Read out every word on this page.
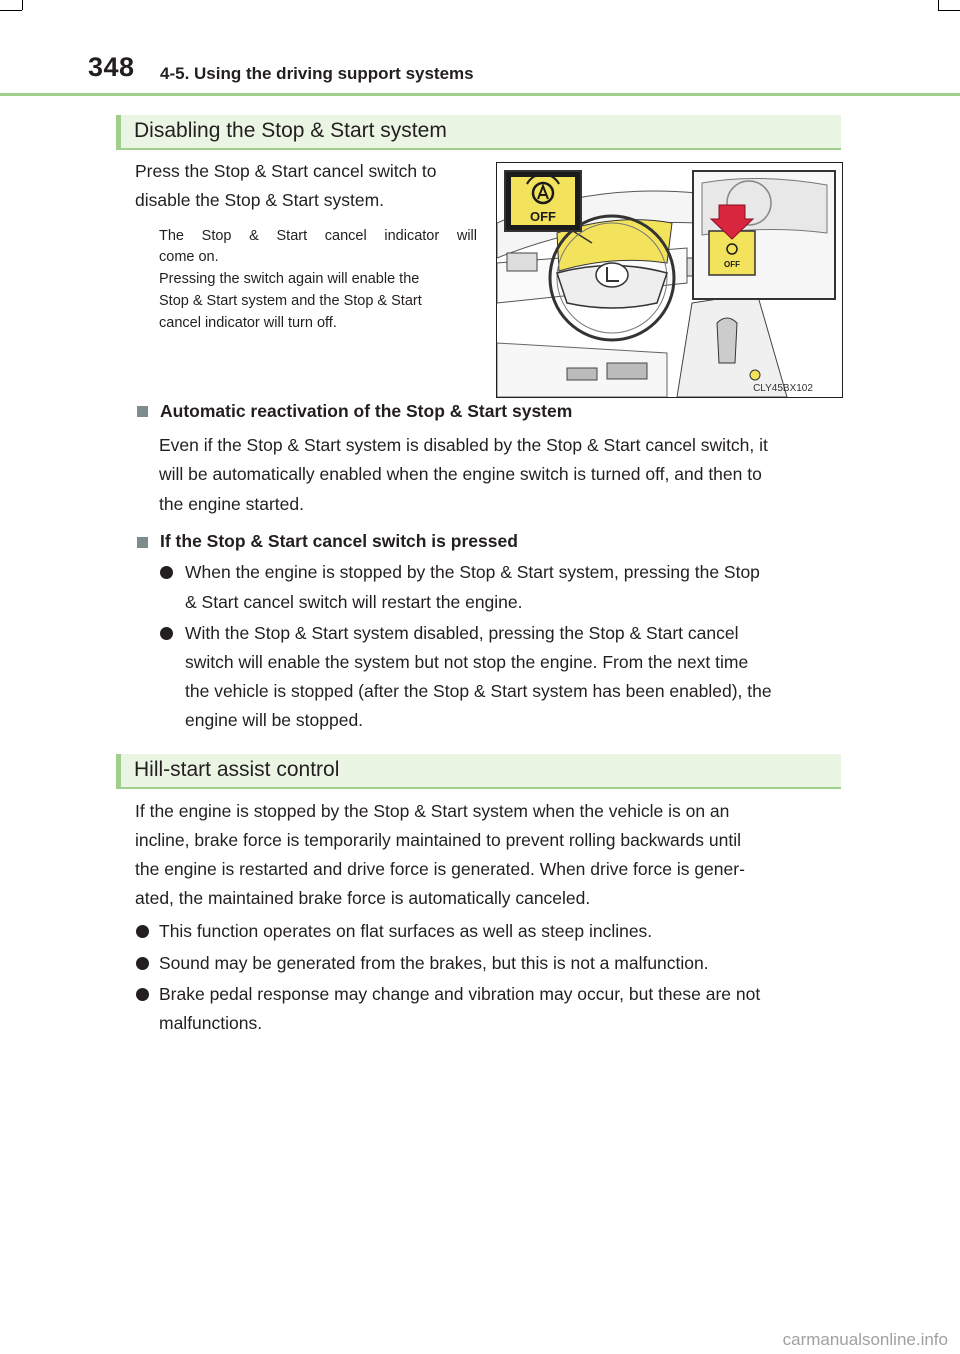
348 4-5. Using the driving support systems
Disabling the Stop & Start system
Press the Stop & Start cancel switch to
disable the Stop & Start system.
The Stop & Start cancel indicator will
come on.
Pressing the switch again will enable the
Stop & Start system and the Stop & Start
cancel indicator will turn off.
OFF
OFF
CLY45BX102
Automatic reactivation of the Stop & Start system
Even if the Stop & Start system is disabled by the Stop & Start cancel switch, it
will be automatically enabled when the engine switch is turned off, and then to
the engine started.
If the Stop & Start cancel switch is pressed
When the engine is stopped by the Stop & Start system, pressing the Stop
& Start cancel switch will restart the engine.
With the Stop & Start system disabled, pressing the Stop & Start cancel
switch will enable the system but not stop the engine. From the next time
the vehicle is stopped (after the Stop & Start system has been enabled), the
engine will be stopped.
Hill-start assist control
If the engine is stopped by the Stop & Start system when the vehicle is on an
incline, brake force is temporarily maintained to prevent rolling backwards until
the engine is restarted and drive force is generated. When drive force is gener-
ated, the maintained brake force is automatically canceled.
This function operates on flat surfaces as well as steep inclines.
Sound may be generated from the brakes, but this is not a malfunction.
Brake pedal response may change and vibration may occur, but these are not
malfunctions.
carmanualsonline.info
